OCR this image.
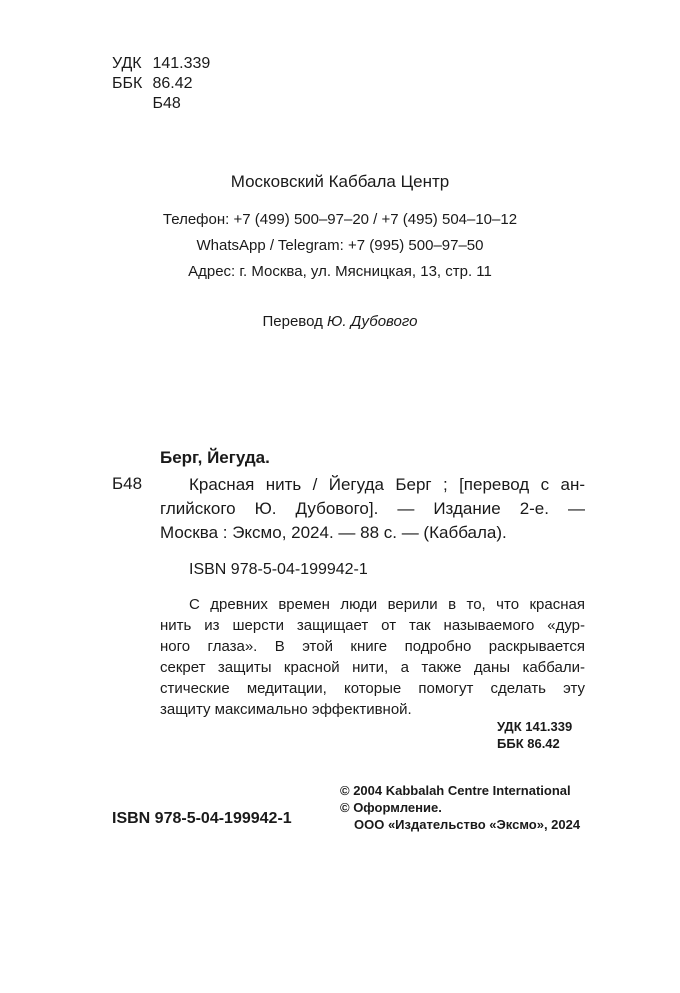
УДК 141.339
ББК 86.42
Б48
Московский Каббала Центр
Телефон: +7 (499) 500–97–20 / +7 (495) 504–10–12
WhatsApp / Telegram: +7 (995) 500–97–50
Адрес: г. Москва, ул. Мясницкая, 13, стр. 11
Перевод Ю. Дубового
Берг, Йегуда.
Б48	Красная нить / Йегуда Берг ; [перевод с ан-
глийского Ю. Дубового]. — Издание 2-е. —
Москва : Эксмо, 2024. — 88 с. — (Каббала).
ISBN 978-5-04-199942-1
С древних времен люди верили в то, что красная
нить из шерсти защищает от так называемого «дур-
ного глаза». В этой книге подробно раскрывается
секрет защиты красной нити, а также даны каббали-
стические медитации, которые помогут сделать эту
защиту максимально эффективной.
УДК 141.339
ББК 86.42
© 2004 Kabbalah Centre International
© Оформление.
ООО «Издательство «Эксмо», 2024
ISBN 978-5-04-199942-1
